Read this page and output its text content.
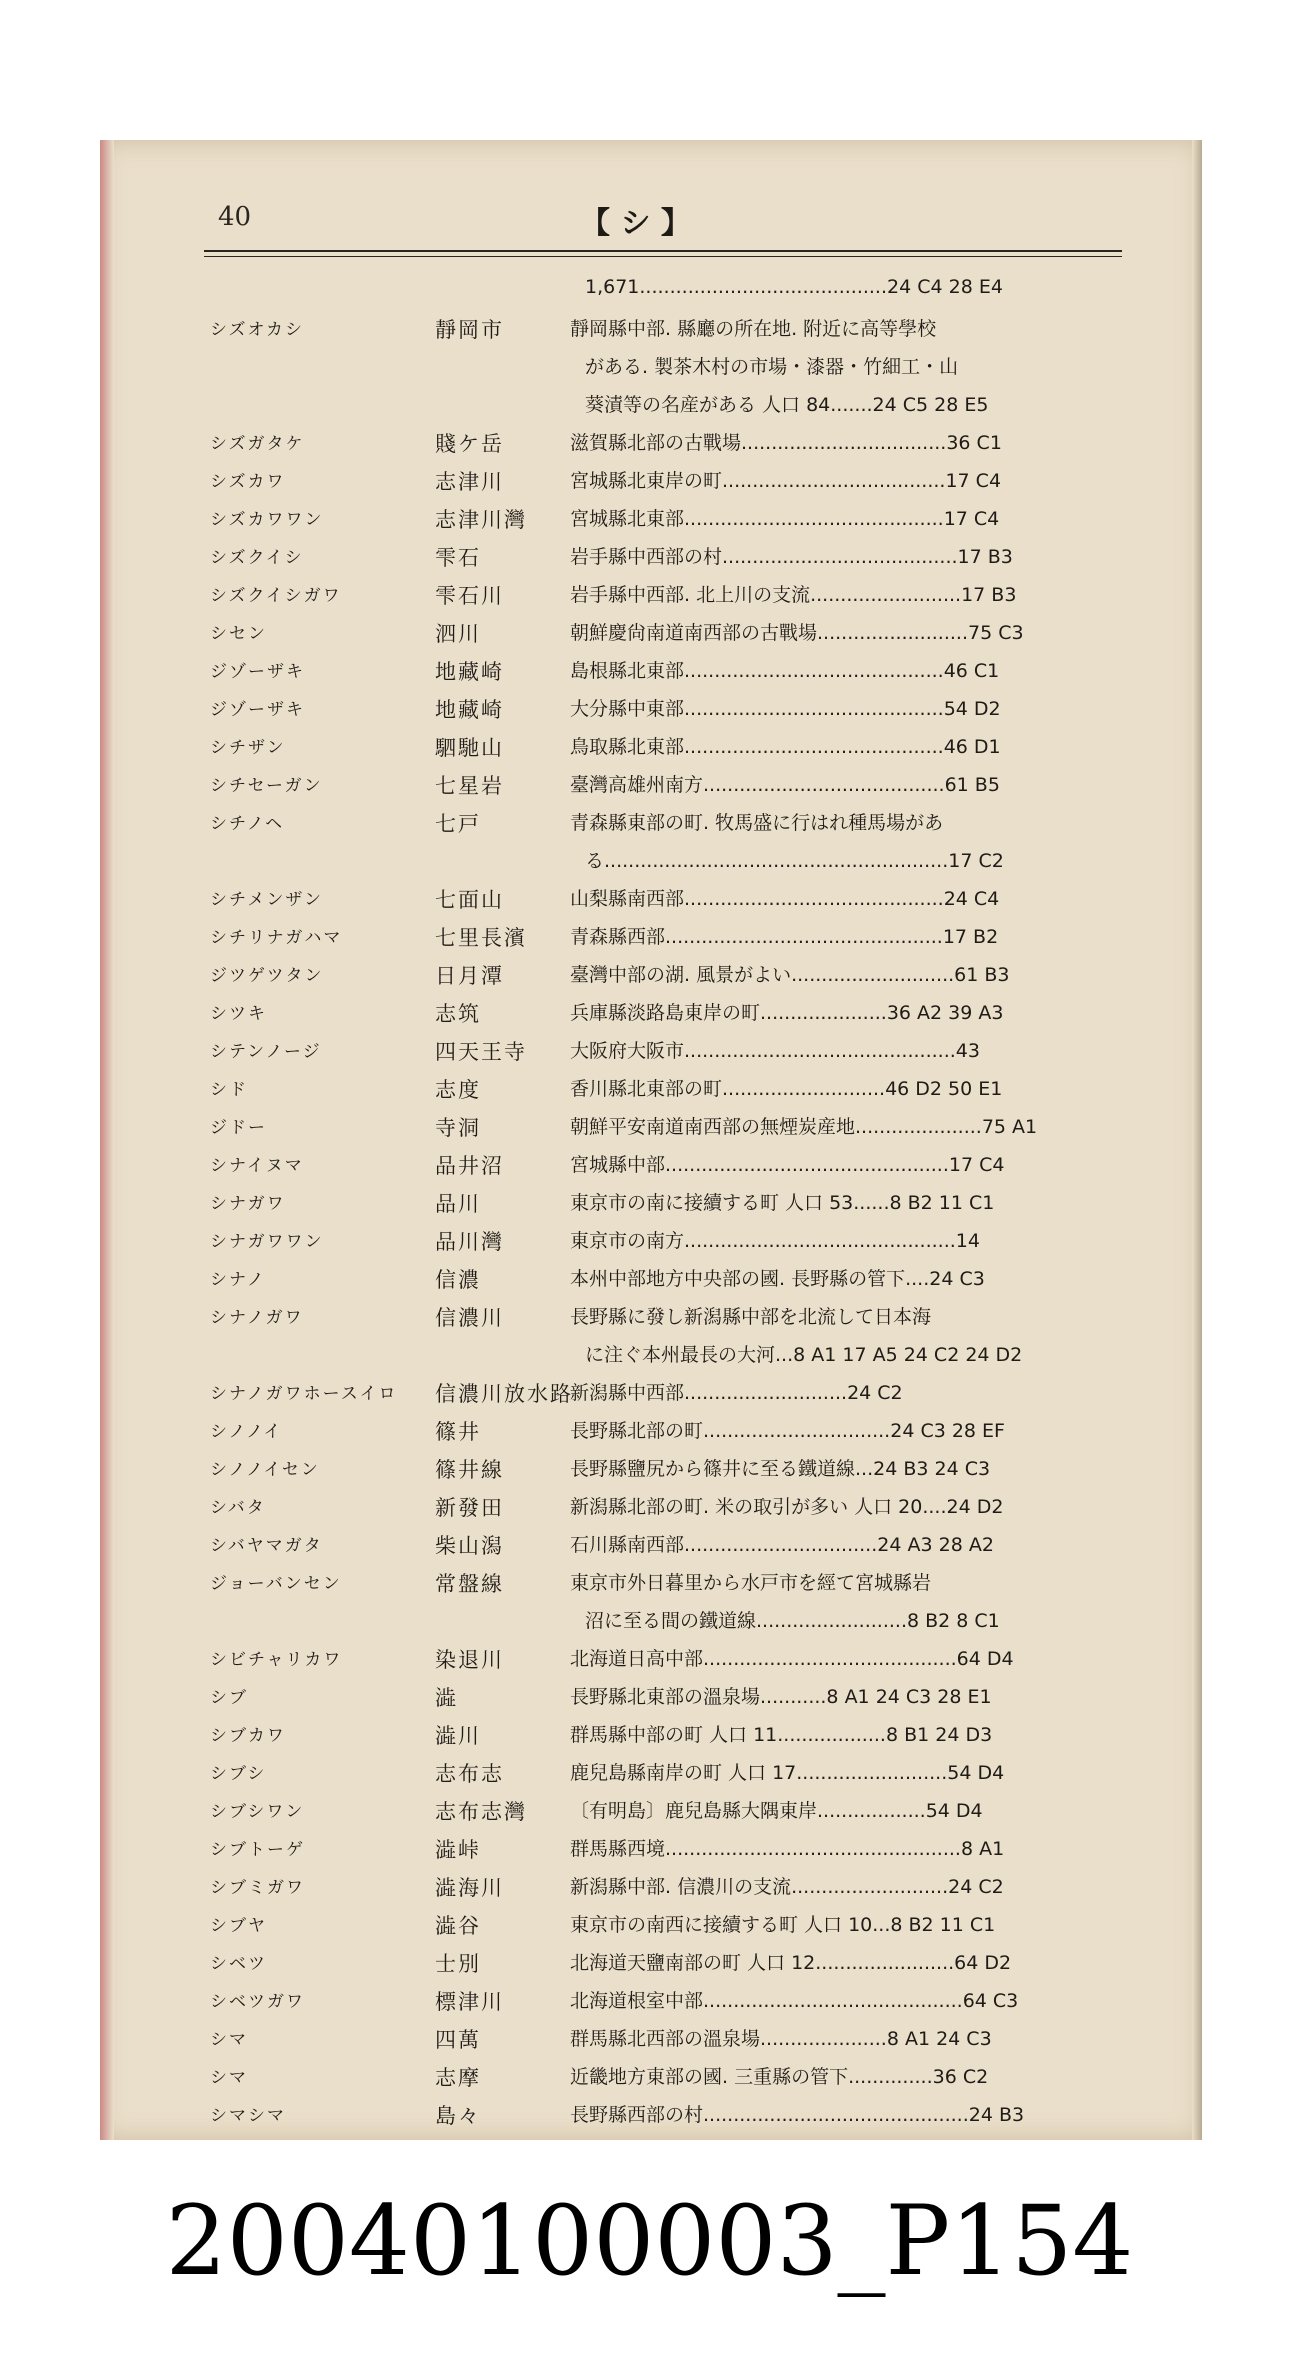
40	【 シ 】
1,671.........................................24 C4 28 E4
シズオカシ	靜岡市	靜岡縣中部. 縣廳の所在地. 附近に高等學校
がある. 製茶木村の市場・漆器・竹細工・山
葵漬等の名産がある 人口 84.......24 C5 28 E5
シズガタケ	賤ケ岳	滋賀縣北部の古戰場..................................36 C1
シズカワ	志津川	宮城縣北東岸の町.....................................17 C4
シズカワワン	志津川灣	宮城縣北東部...........................................17 C4
シズクイシ	雫石	岩手縣中西部の村.......................................17 B3
シズクイシガワ	雫石川	岩手縣中西部. 北上川の支流.........................17 B3
シセン	泗川	朝鮮慶尙南道南西部の古戰場.........................75 C3
ジゾーザキ	地藏崎	島根縣北東部...........................................46 C1
ジゾーザキ	地藏崎	大分縣中東部...........................................54 D2
シチザン	駟馳山	鳥取縣北東部...........................................46 D1
シチセーガン	七星岩	臺灣高雄州南方........................................61 B5
シチノヘ	七戸	青森縣東部の町. 牧馬盛に行はれ種馬場があ
る.........................................................17 C2
シチメンザン	七面山	山梨縣南西部...........................................24 C4
シチリナガハマ	七里長濱	青森縣西部..............................................17 B2
ジツゲツタン	日月潭	臺灣中部の湖. 風景がよい...........................61 B3
シツキ	志筑	兵庫縣淡路島東岸の町.....................36 A2 39 A3
シテンノージ	四天王寺	大阪府大阪市.............................................43
シド	志度	香川縣北東部の町...........................46 D2 50 E1
ジドー	寺洞	朝鮮平安南道南西部の無煙炭産地.....................75 A1
シナイヌマ	品井沼	宮城縣中部...............................................17 C4
シナガワ	品川	東京市の南に接續する町 人口 53......8 B2 11 C1
シナガワワン	品川灣	東京市の南方.............................................14
シナノ	信濃	本州中部地方中央部の國. 長野縣の管下....24 C3
シナノガワ	信濃川	長野縣に發し新潟縣中部を北流して日本海
に注ぐ本州最長の大河...8 A1 17 A5 24 C2 24 D2
シナノガワホースイロ	信濃川放水路
新潟縣中西部...........................24 C2
シノノイ	篠井	長野縣北部の町...............................24 C3 28 EF
シノノイセン	篠井線	長野縣鹽尻から篠井に至る鐵道線...24 B3 24 C3
シバタ	新發田	新潟縣北部の町. 米の取引が多い 人口 20....24 D2
シバヤマガタ	柴山潟	石川縣南西部................................24 A3 28 A2
ジョーバンセン	常盤線	東京市外日暮里から水戸市を經て宮城縣岩
沼に至る間の鐵道線.........................8 B2 8 C1
シビチャリカワ	染退川	北海道日高中部..........................................64 D4
シブ	澁	長野縣北東部の溫泉場...........8 A1 24 C3 28 E1
シブカワ	澁川	群馬縣中部の町 人口 11..................8 B1 24 D3
シブシ	志布志	鹿兒島縣南岸の町 人口 17.........................54 D4
シブシワン	志布志灣	〔有明島〕鹿兒島縣大隅東岸..................54 D4
シブトーゲ	澁峠	群馬縣西境.................................................8 A1
シブミガワ	澁海川	新潟縣中部. 信濃川の支流..........................24 C2
シブヤ	澁谷	東京市の南西に接續する町 人口 10...8 B2 11 C1
シベツ	士別	北海道天鹽南部の町 人口 12.......................64 D2
シベツガワ	標津川	北海道根室中部...........................................64 C3
シマ	四萬	群馬縣北西部の溫泉場.....................8 A1 24 C3
シマ	志摩	近畿地方東部の國. 三重縣の管下..............36 C2
シマシマ	島々	長野縣西部の村............................................24 B3
20040100003_P154
